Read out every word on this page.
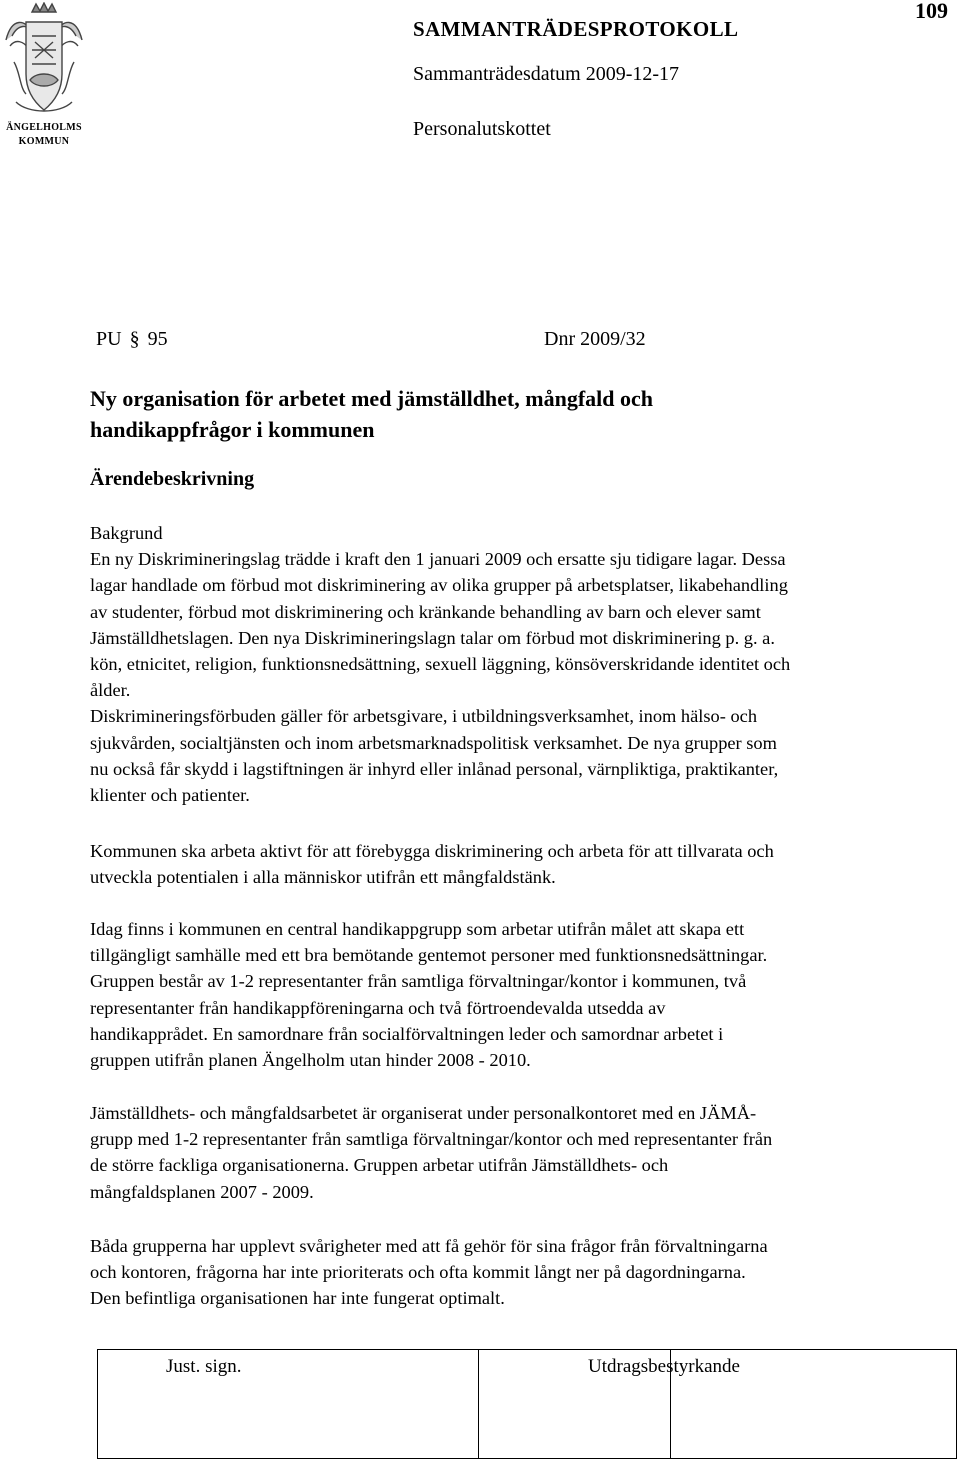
ÄNGELHOLMS
KOMMUN
109
SAMMANTRÄDESPROTOKOLL
Sammanträdesdatum 2009-12-17
Personalutskottet
PU § 95	Dnr 2009/32
Ny organisation för arbetet med jämställdhet, mångfald och
handikappfrågor i kommunen
Ärendebeskrivning
Bakgrund
En ny Diskrimineringslag trädde i kraft den 1 januari 2009 och ersatte sju tidigare lagar. Dessa
lagar handlade om förbud mot diskriminering av olika grupper på arbetsplatser, likabehandling
av studenter, förbud mot diskriminering och kränkande behandling av barn och elever samt
Jämställdhetslagen. Den nya Diskrimineringslagn talar om förbud mot diskriminering p. g. a.
kön, etnicitet, religion, funktionsnedsättning, sexuell läggning, könsöverskridande identitet och
ålder.
Diskrimineringsförbuden gäller för arbetsgivare, i utbildningsverksamhet, inom hälso- och
sjukvården, socialtjänsten och inom arbetsmarknadspolitisk verksamhet. De nya grupper som
nu också får skydd i lagstiftningen är inhyrd eller inlånad personal, värnpliktiga, praktikanter,
klienter och patienter.
Kommunen ska arbeta aktivt för att förebygga diskriminering och arbeta för att tillvarata och
utveckla potentialen i alla människor utifrån ett mångfaldstänk.
Idag finns i kommunen en central handikappgrupp som arbetar utifrån målet att skapa ett
tillgängligt samhälle med ett bra bemötande gentemot personer med funktionsnedsättningar.
Gruppen består av 1-2 representanter från samtliga förvaltningar/kontor i kommunen, två
representanter från handikappföreningarna och två förtroendevalda utsedda av
handikapprådet. En samordnare från socialförvaltningen leder och samordnar arbetet i
gruppen utifrån planen Ängelholm utan hinder 2008 - 2010.
Jämställdhets- och mångfaldsarbetet är organiserat under personalkontoret med en JÄMÅ-
grupp med 1-2 representanter från samtliga förvaltningar/kontor och med representanter från
de större fackliga organisationerna. Gruppen arbetar utifrån Jämställdhets- och
mångfaldsplanen 2007 - 2009.
Båda grupperna har upplevt svårigheter med att få gehör för sina frågor från förvaltningarna
och kontoren, frågorna har inte prioriterats och ofta kommit långt ner på dagordningarna.
Den befintliga organisationen har inte fungerat optimalt.
Just. sign.	Utdragsbestyrkande
